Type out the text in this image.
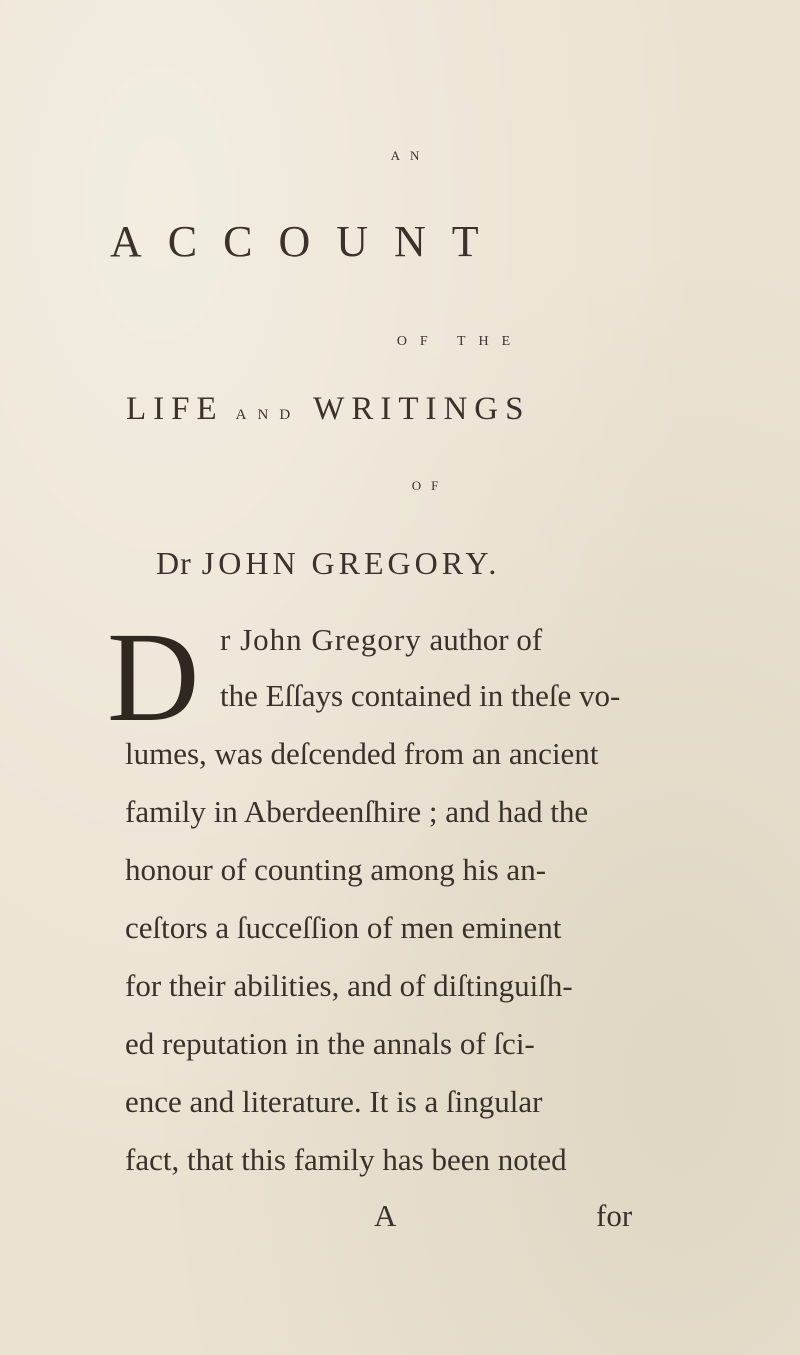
AN
ACCOUNT
OF THE
LIFE AND WRITINGS
OF
Dr JOHN GREGORY.
D r John Gregory author of
the Eſſays contained in theſe vo-
lumes, was deſcended from an ancient
family in Aberdeenſhire ; and had the
honour of counting among his an-
ceſtors a ſucceſſion of men eminent
for their abilities, and of diſtinguiſh-
ed reputation in the annals of ſci-
ence and literature. It is a ſingular
fact, that this family has been noted
A	for
